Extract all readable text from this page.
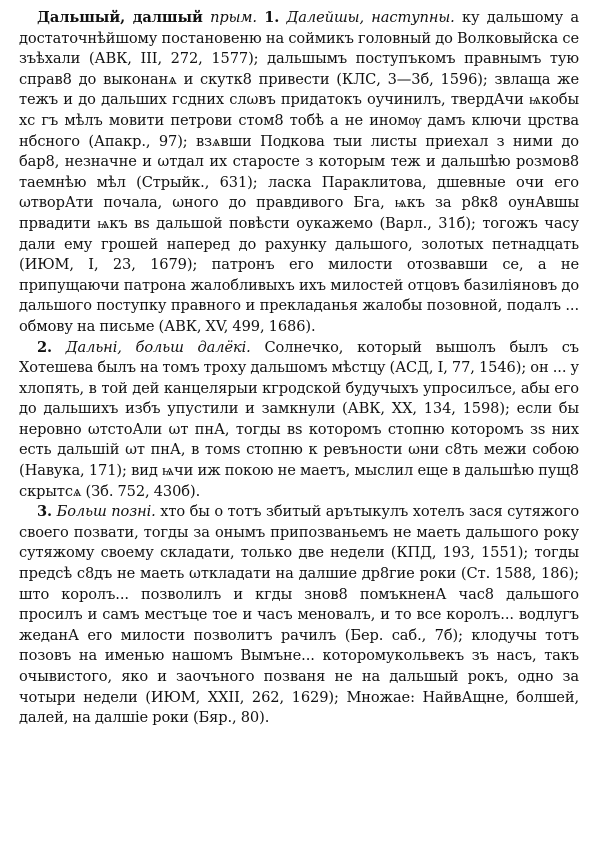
Дальшый, далшый прым. 1. Далейшы, наступны. ку дальшому а достаточнѣйшому постановеню на соймикъ головный до Волковыйска се зъѣхали (АВК, III, 272, 1577); дальшымъ поступъкомъ правнымъ тую справ8 до выконанѧ и скутк8 привести (КЛС, 3—3б, 1596); звлаща же тежъ и до дальших гсдних слωвъ придатокъ оучинилъ, твердАчи ѩкобы хс гъ мѣлъ мовити петрови стом8 тобѣ а не иномѹ дамъ ключи црства нбсного (Апакр., 97); взѧвши Подкова тыи листы приехал з ними до бар8, незначне и ωтдал их старосте з которым теж и дальшѣю розмов8 таемнѣю мѣл (Стрыйк., 631); ласка Параклитова, дшевные очи его ωтворАти почала, ωного до правдивого Бга, ѩкъ за р8к8 оунАвшы првадити ѩкъ вs дальшой повѣсти оукажемо (Варл., 31б); тогожъ часу дали ему грошей наперед до рахунку дальшого, золотых петнадцать (ИЮМ, I, 23, 1679); патронъ его милости отозвавши се, а не припущаючи патрона жалобливыхъ ихъ милостей отцовъ базиліяновъ до дальшого поступку правного и прекладанья жалобы позовной, подалъ ... обмову на письме (АВК, XV, 499, 1686).

2. Дальні, больш далёкі. Солнечко, который вышолъ былъ съ Хотешева былъ на томъ троху дальшомъ мѣстцу (АСД, I, 77, 1546); он ... у хлопять, в той дей канцелярыи кгродской будучыхъ упросилъсе, абы его до дальшихъ избъ упустили и замкнули (АВК, XX, 134, 1598); если бы неровно ωтстоАли ωт пнА, тогды вs которомъ стопню которомъ зs них есть дальшій ωт пнА, в томs стопню к ревъности ωни с8ть межи собою (Навука, 171); вид ѩчи иж покою не маетъ, мыслил еще в дальшѣю пущ8 скрытсѧ (Зб. 752, 430б).

3. Больш позні. хто бы о тотъ збитый арътыкулъ хотелъ зася сутяжого своего позвати, тогды за онымъ припозваньемъ не маеть дальшого року сутяжому своему складати, только две недели (КПД, 193, 1551); тогды предсѣ с8дъ не маеть ωткладати на далшие др8гие роки (Ст. 1588, 186); што королъ... позволилъ и кгды знов8 помъкненА час8 дальшого просилъ и самъ местъце тое и часъ меновалъ, и то все королъ... водлугъ жеданА его милости позволитъ рачилъ (Бер. саб., 7б); клодучы тотъ позовъ на именью нашомъ Вымъне... которомукольвекъ зъ насъ, такъ очывистого, яко и заочъного позваня не на дальшый рокъ, одно за чотыри недели (ИЮМ, XXII, 262, 1629); Множае: НайвАщне, болшей, далей, на далшіе роки (Бяр., 80).
